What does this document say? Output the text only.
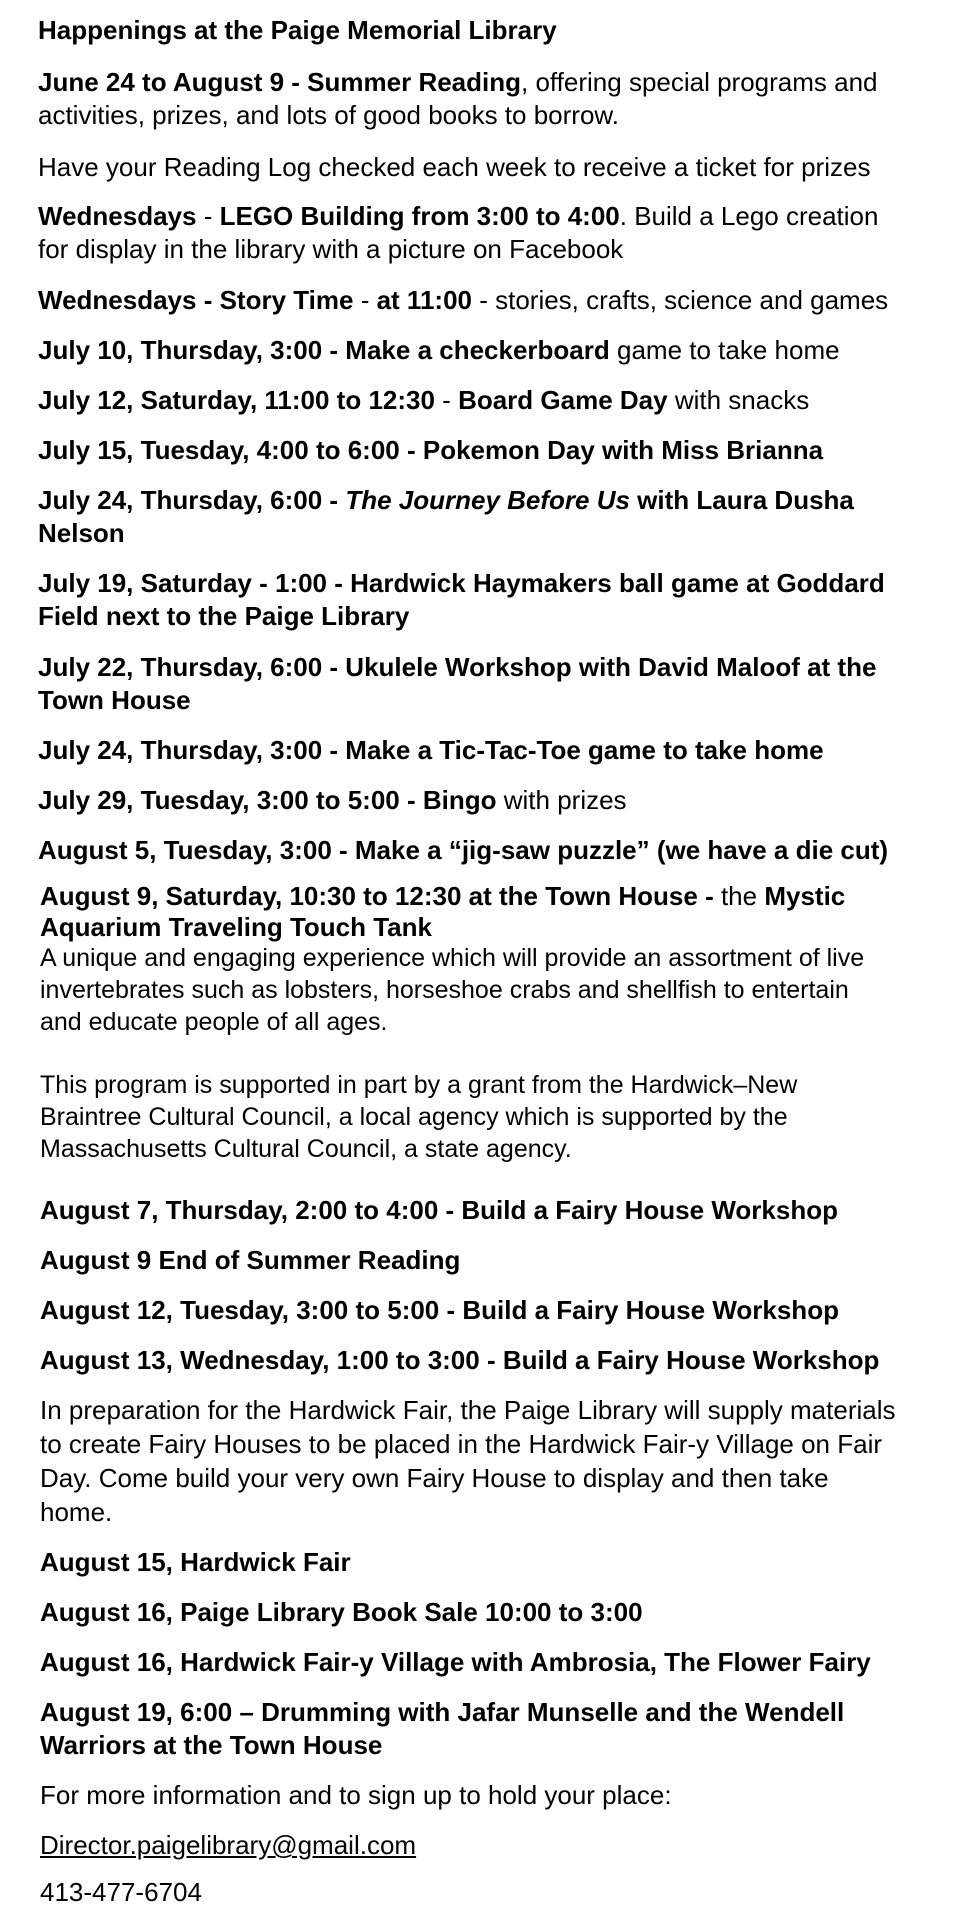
Happenings at the Paige Memorial Library

June 24 to August 9 - Summer Reading, offering special programs and

activities, prizes, and lots of good books to borrow.

Have your Reading Log checked each week to receive a ticket for prizes

Wednesdays - LEGO Building from 3:00 to 4:00. Build a Lego creation

for display in the library with a picture on Facebook

Wednesdays - Story Time - at 11:00 - stories, crafts, science and games

July 10, Thursday, 3:00 - Make a checkerboard game to take home

July 12, Saturday, 11:00 to 12:30 - Board Game Day with snacks

July 15, Tuesday, 4:00 to 6:00 - Pokemon Day with Miss Brianna

July 24, Thursday, 6:00 - The Journey Before Us with Laura Dusha

Nelson

July 19, Saturday - 1:00 - Hardwick Haymakers ball game at Goddard

Field next to the Paige Library

July 22, Thursday, 6:00 - Ukulele Workshop with David Maloof at the

Town House

July 24, Thursday, 3:00 - Make a Tic-Tac-Toe game to take home

July 29, Tuesday, 3:00 to 5:00 - Bingo with prizes

August 5, Tuesday, 3:00 - Make a “jig-saw puzzle” (we have a die cut)

August 9, Saturday, 10:30 to 12:30 at the Town House - the Mystic

Aquarium Traveling Touch Tank

A unique and engaging experience which will provide an assortment of live

invertebrates such as lobsters, horseshoe crabs and shellfish to entertain

and educate people of all ages.

This program is supported in part by a grant from the Hardwick–New

Braintree Cultural Council, a local agency which is supported by the

Massachusetts Cultural Council, a state agency.

August 7, Thursday, 2:00 to 4:00 - Build a Fairy House Workshop

August 9 End of Summer Reading

August 12, Tuesday, 3:00 to 5:00 - Build a Fairy House Workshop

August 13, Wednesday, 1:00 to 3:00 - Build a Fairy House Workshop

In preparation for the Hardwick Fair, the Paige Library will supply materials

to create Fairy Houses to be placed in the Hardwick Fair-y Village on Fair

Day. Come build your very own Fairy House to display and then take

home.

August 15, Hardwick Fair

August 16, Paige Library Book Sale 10:00 to 3:00

August 16, Hardwick Fair-y Village with Ambrosia, The Flower Fairy

August 19, 6:00 – Drumming with Jafar Munselle and the Wendell

Warriors at the Town House

For more information and to sign up to hold your place:

Director.paigelibrary@gmail.com

413-477-6704
